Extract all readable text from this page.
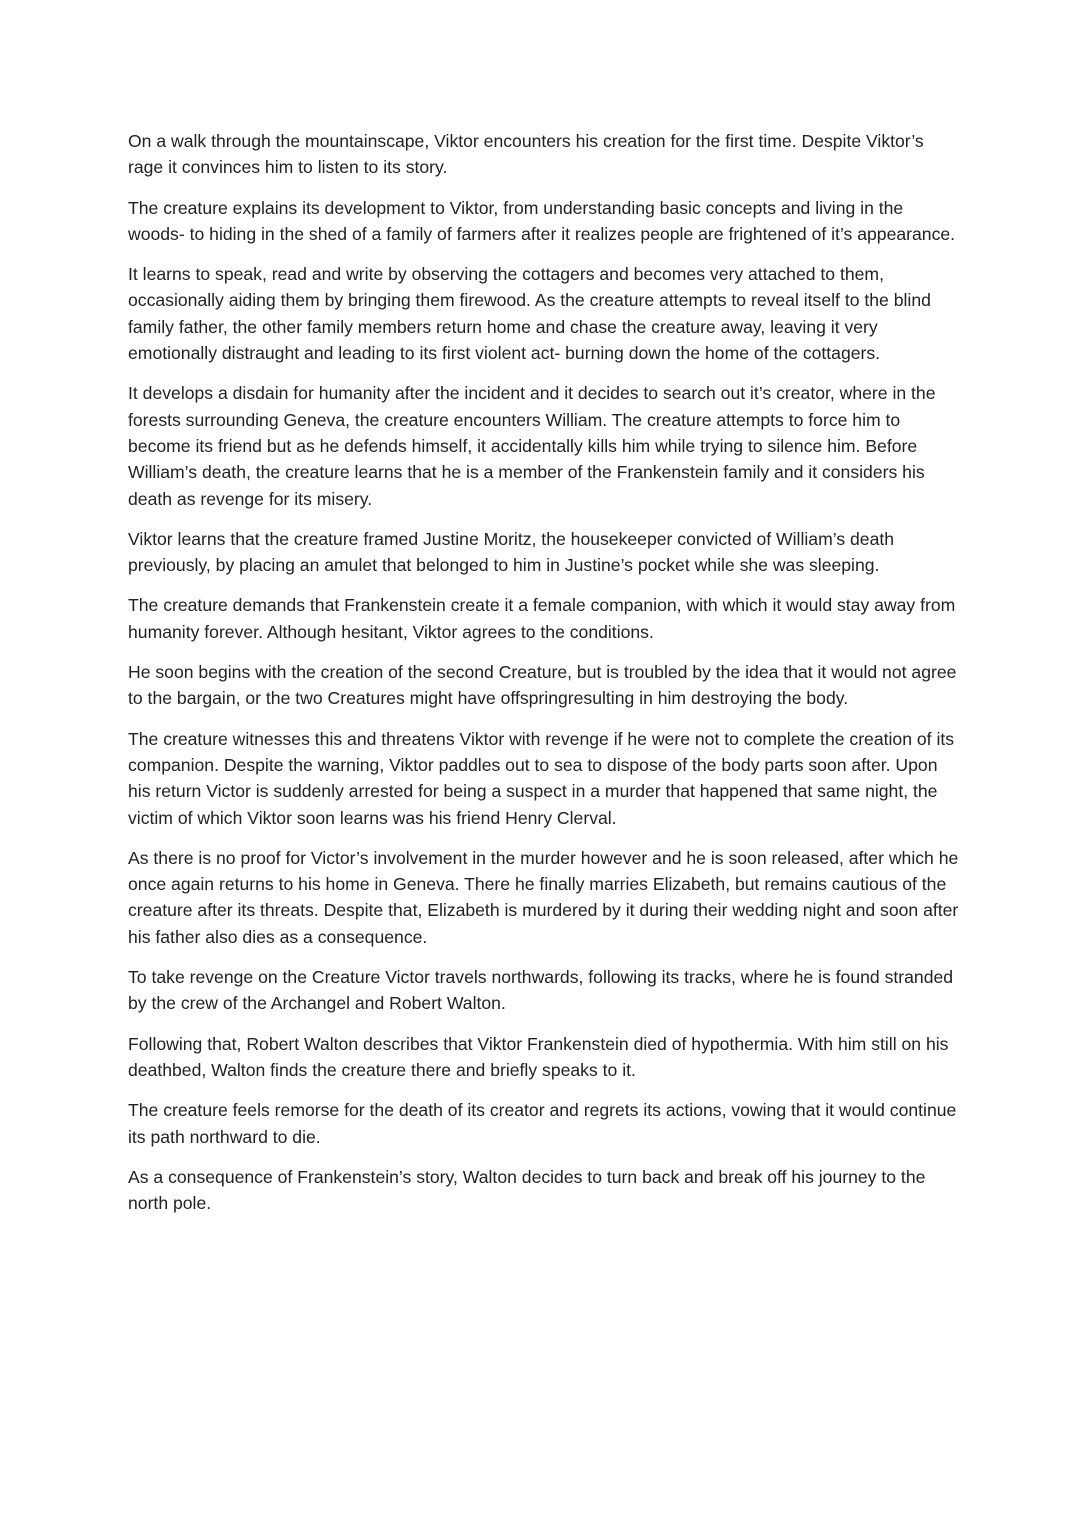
On a walk through the mountainscape, Viktor encounters his creation for the first time. Despite Viktor’s rage it convinces him to listen to its story.

The creature explains its development to Viktor, from understanding basic concepts and living in the woods- to hiding in the shed of a family of farmers after it realizes people are frightened of it’s appearance.

It learns to speak, read and write by observing the cottagers and becomes very attached to them, occasionally aiding them by bringing them firewood. As the creature attempts to reveal itself to the blind family father, the other family members return home and chase the creature away, leaving it very emotionally distraught and leading to its first violent act- burning down the home of the cottagers.

It develops a disdain for humanity after the incident and it decides to search out it’s creator, where in the forests surrounding Geneva, the creature encounters William. The creature attempts to force him to become its friend but as he defends himself, it accidentally kills him while trying to silence him. Before William’s death, the creature learns that he is a member of the Frankenstein family and it considers his death as revenge for its misery.

Viktor learns that the creature framed Justine Moritz, the housekeeper convicted of William’s death previously, by placing an amulet that belonged to him in Justine’s pocket while she was sleeping.

The creature demands that Frankenstein create it a female companion, with which it would stay away from humanity forever. Although hesitant, Viktor agrees to the conditions.

He soon begins with the creation of the second Creature, but is troubled by the idea that it would not agree to the bargain, or the two Creatures might have offspringresulting in him destroying the body.

The creature witnesses this and threatens Viktor with revenge if he were not to complete the creation of its companion. Despite the warning, Viktor paddles out to sea to dispose of the body parts soon after. Upon his return Victor is suddenly arrested for being a suspect in a murder that happened that same night, the victim of which Viktor soon learns was his friend Henry Clerval.

As there is no proof for Victor’s involvement in the murder however and he is soon released, after which he once again returns to his home in Geneva. There he finally marries Elizabeth, but remains cautious of the creature after its threats. Despite that, Elizabeth is murdered by it during their wedding night and soon after his father also dies as a consequence.

To take revenge on the Creature Victor travels northwards, following its tracks, where he is found stranded by the crew of the Archangel and Robert Walton.

Following that, Robert Walton describes that Viktor Frankenstein died of hypothermia. With him still on his deathbed, Walton finds the creature there and briefly speaks to it.

The creature feels remorse for the death of its creator and regrets its actions, vowing that it would continue its path northward to die.

As a consequence of Frankenstein’s story, Walton decides to turn back and break off his journey to the north pole.
